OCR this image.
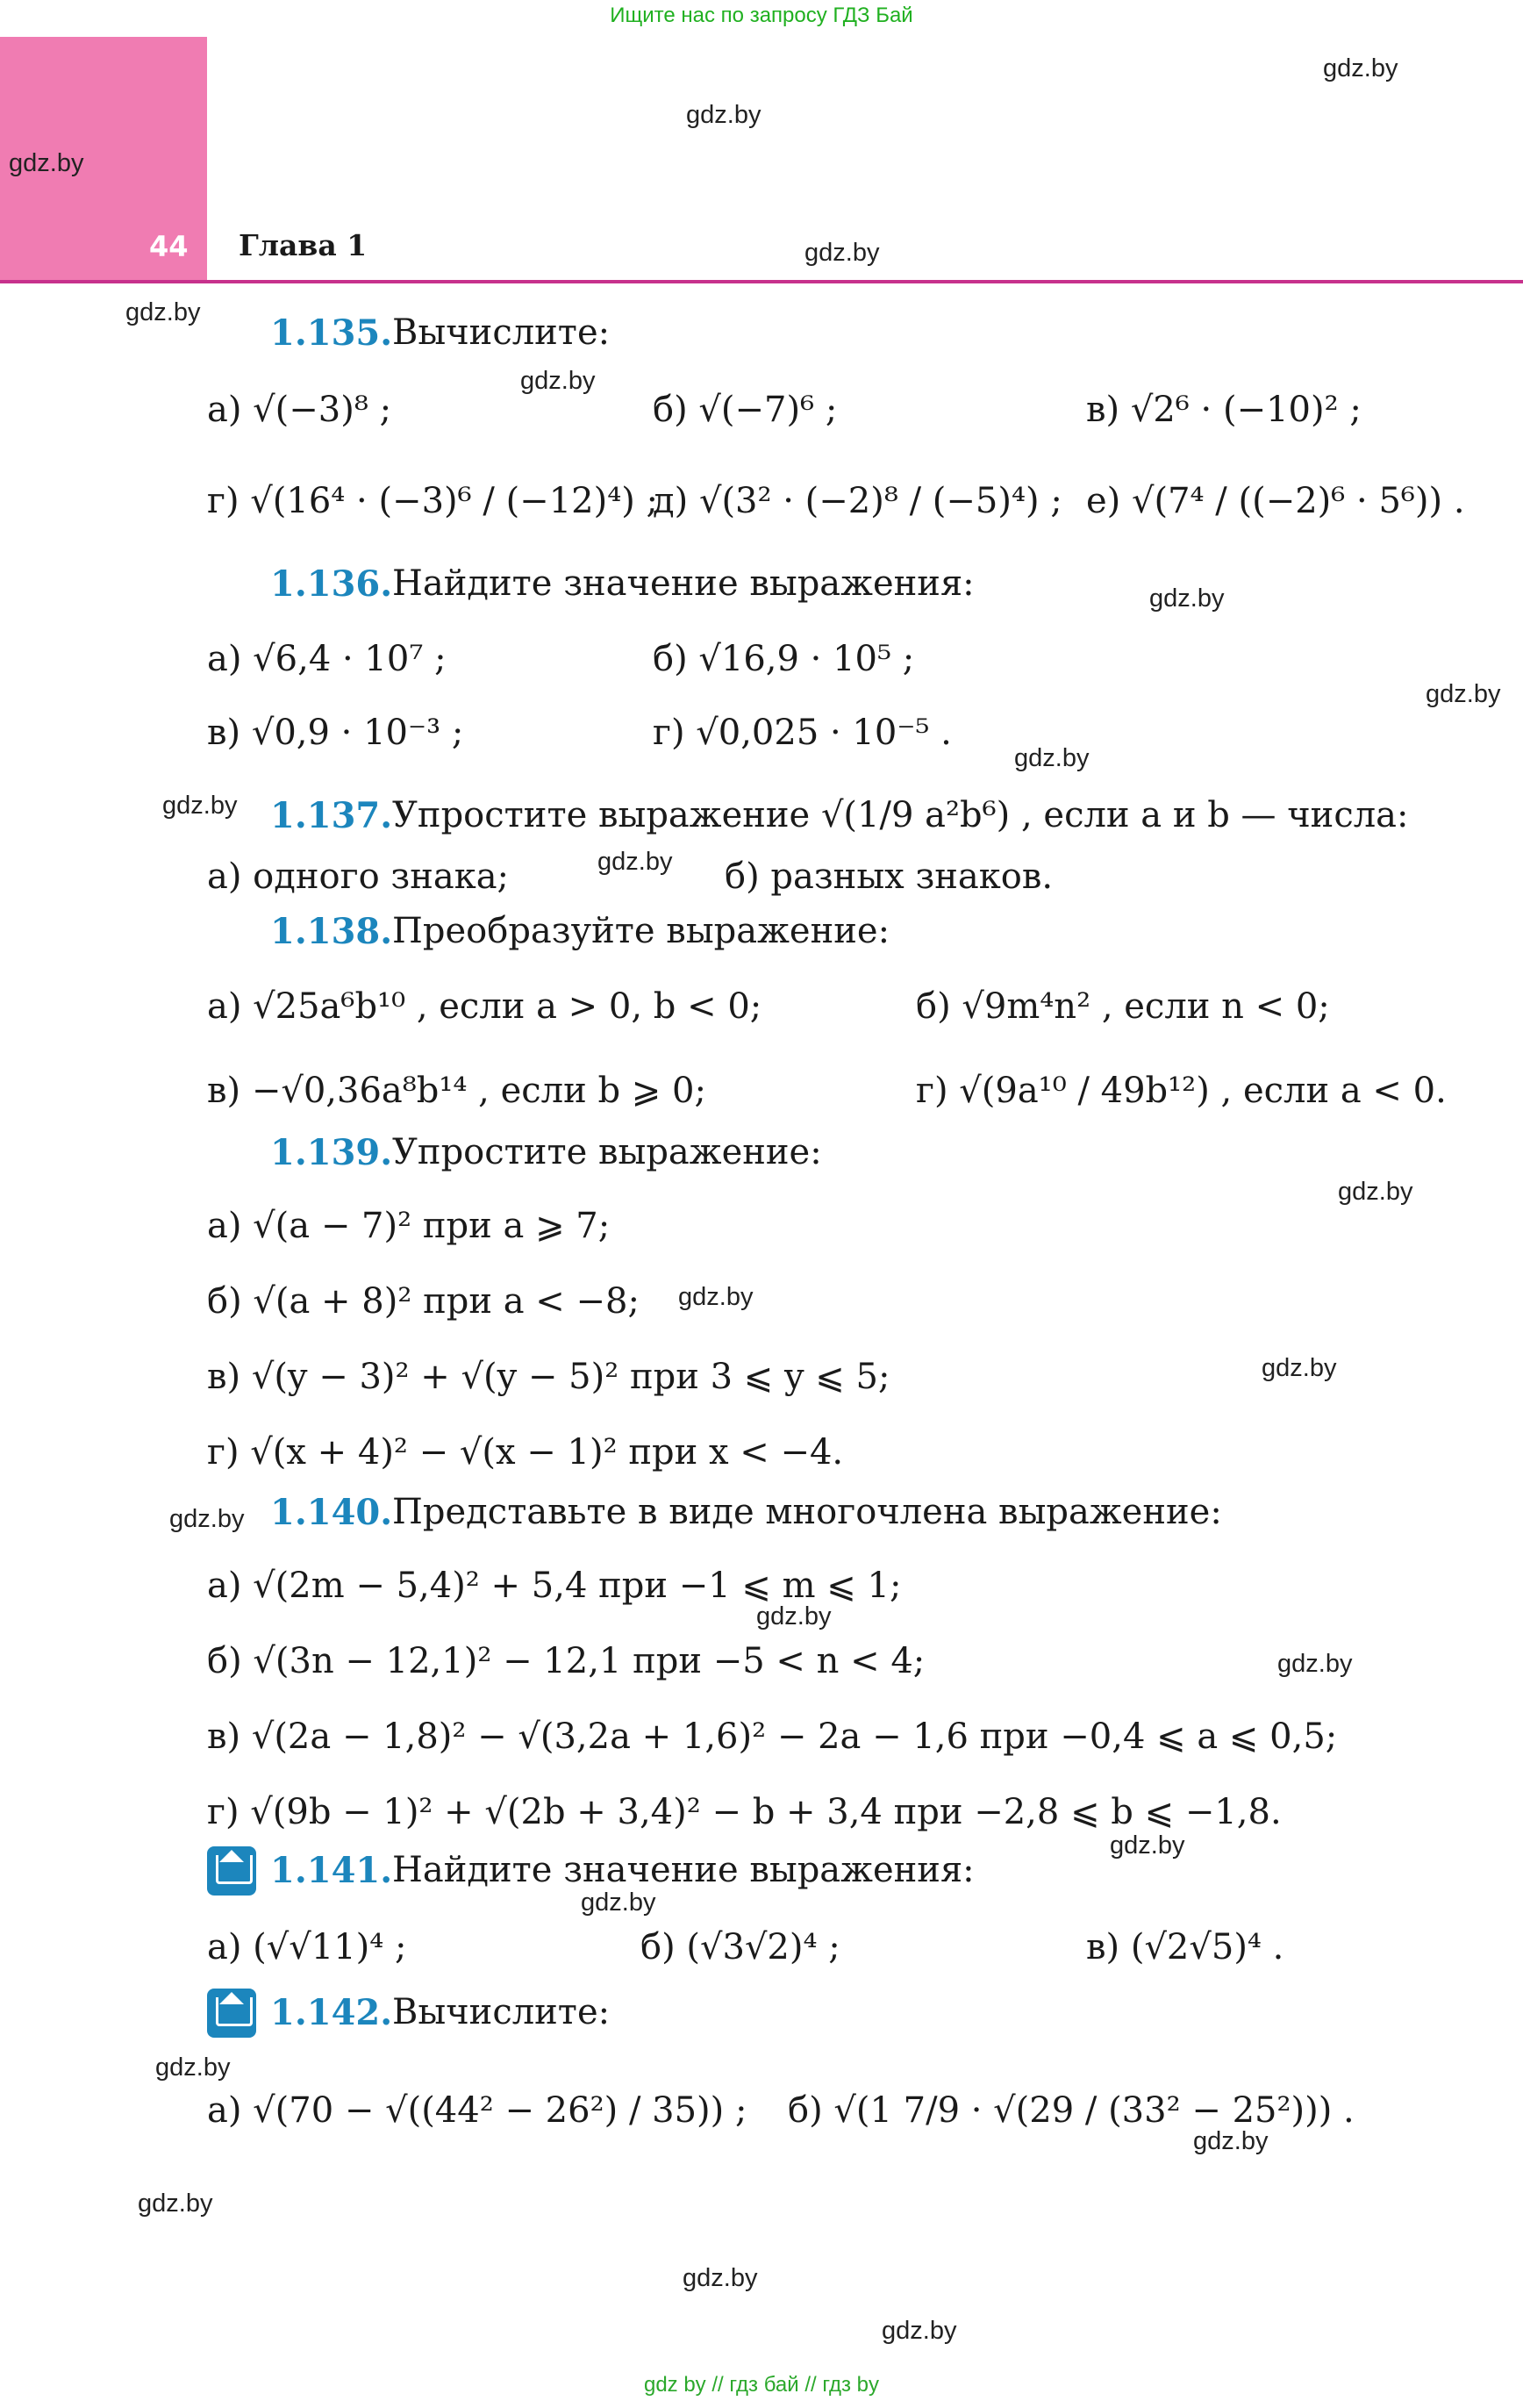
Ищите нас по запросу ГДЗ Бай
44 Глава 1
gdz.by
gdz.by
gdz.by
gdz.by
gdz.by
gdz.by
gdz.by
gdz.by
gdz.by
gdz.by
gdz.by
gdz.by
gdz.by
gdz.by
gdz.by
gdz.by
gdz.by
gdz.by
gdz.by
gdz.by
gdz.by
gdz.by
gdz.by
gdz.by
1.135. Вычислите:
а) √(−3)⁸ ;	б) √(−7)⁶ ;	в) √2⁶ · (−10)² ;
г) √(16⁴ · (−3)⁶ / (−12)⁴) ;
д) √(3² · (−2)⁸ / (−5)⁴) ; е) √(7⁴ / ((−2)⁶ · 5⁶)) .
1.136. Найдите значение выражения:
а) √6,4 · 10⁷ ;	б) √16,9 · 10⁵ ;
в) √0,9 · 10⁻³ ;	г) √0,025 · 10⁻⁵ .
1.137. Упростите выражение √(1/9 a²b⁶) , если a и b — числа:
а) одного знака;	б) разных знаков.
1.138. Преобразуйте выражение:
а) √25a⁶b¹⁰ , если a > 0, b < 0;	б) √9m⁴n² , если n < 0;
в) −√0,36a⁸b¹⁴ , если b ⩾ 0;	г) √(9a¹⁰ / 49b¹²) , если a < 0.
1.139. Упростите выражение:
а) √(a − 7)² при a ⩾ 7;
б) √(a + 8)² при a < −8;
в) √(y − 3)² + √(y − 5)² при 3 ⩽ y ⩽ 5;
г) √(x + 4)² − √(x − 1)² при x < −4.
1.140. Представьте в виде многочлена выражение:
а) √(2m − 5,4)² + 5,4 при −1 ⩽ m ⩽ 1;
б) √(3n − 12,1)² − 12,1 при −5 < n < 4;
в) √(2a − 1,8)² − √(3,2a + 1,6)² − 2a − 1,6 при −0,4 ⩽ a ⩽ 0,5;
г) √(9b − 1)² + √(2b + 3,4)² − b + 3,4 при −2,8 ⩽ b ⩽ −1,8.
1.141. Найдите значение выражения:
а) (√√11)⁴ ;	б) (√3√2)⁴ ;	в) (√2√5)⁴ .
1.142. Вычислите:
а) √(70 − √((44² − 26²) / 35)) ; б) √(1 7/9 · √(29 / (33² − 25²))) .
gdz by // гдз бай // гдз by
